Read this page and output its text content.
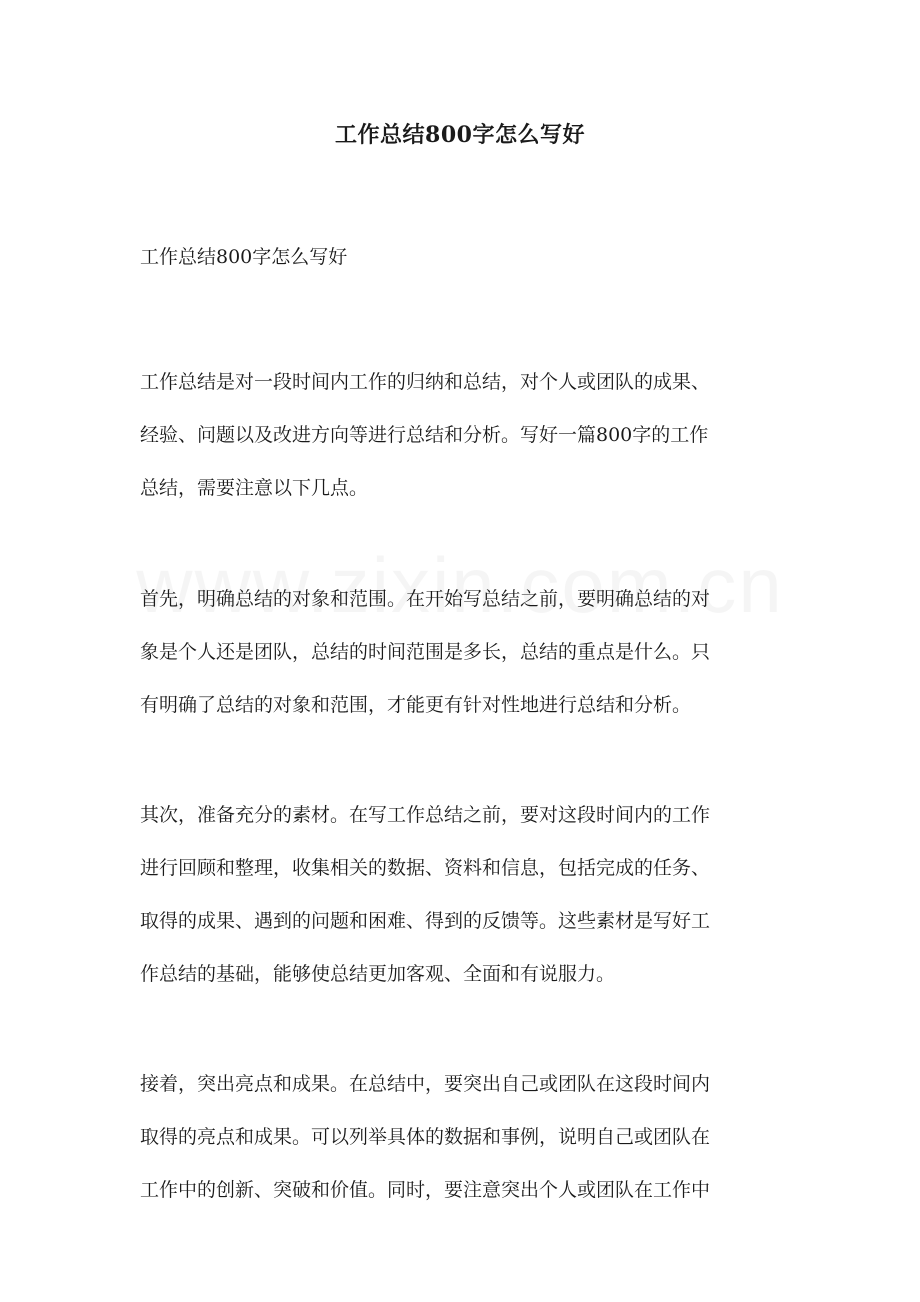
工作总结800字怎么写好

工作总结800字怎么写好

工作总结是对一段时间内工作的归纳和总结，对个人或团队的成果、
经验、问题以及改进方向等进行总结和分析。写好一篇800字的工作
总结，需要注意以下几点。

首先，明确总结的对象和范围。在开始写总结之前，要明确总结的对
象是个人还是团队，总结的时间范围是多长，总结的重点是什么。只
有明确了总结的对象和范围，才能更有针对性地进行总结和分析。

其次，准备充分的素材。在写工作总结之前，要对这段时间内的工作
进行回顾和整理，收集相关的数据、资料和信息，包括完成的任务、
取得的成果、遇到的问题和困难、得到的反馈等。这些素材是写好工
作总结的基础，能够使总结更加客观、全面和有说服力。

接着，突出亮点和成果。在总结中，要突出自己或团队在这段时间内
取得的亮点和成果。可以列举具体的数据和事例，说明自己或团队在
工作中的创新、突破和价值。同时，要注意突出个人或团队在工作中
